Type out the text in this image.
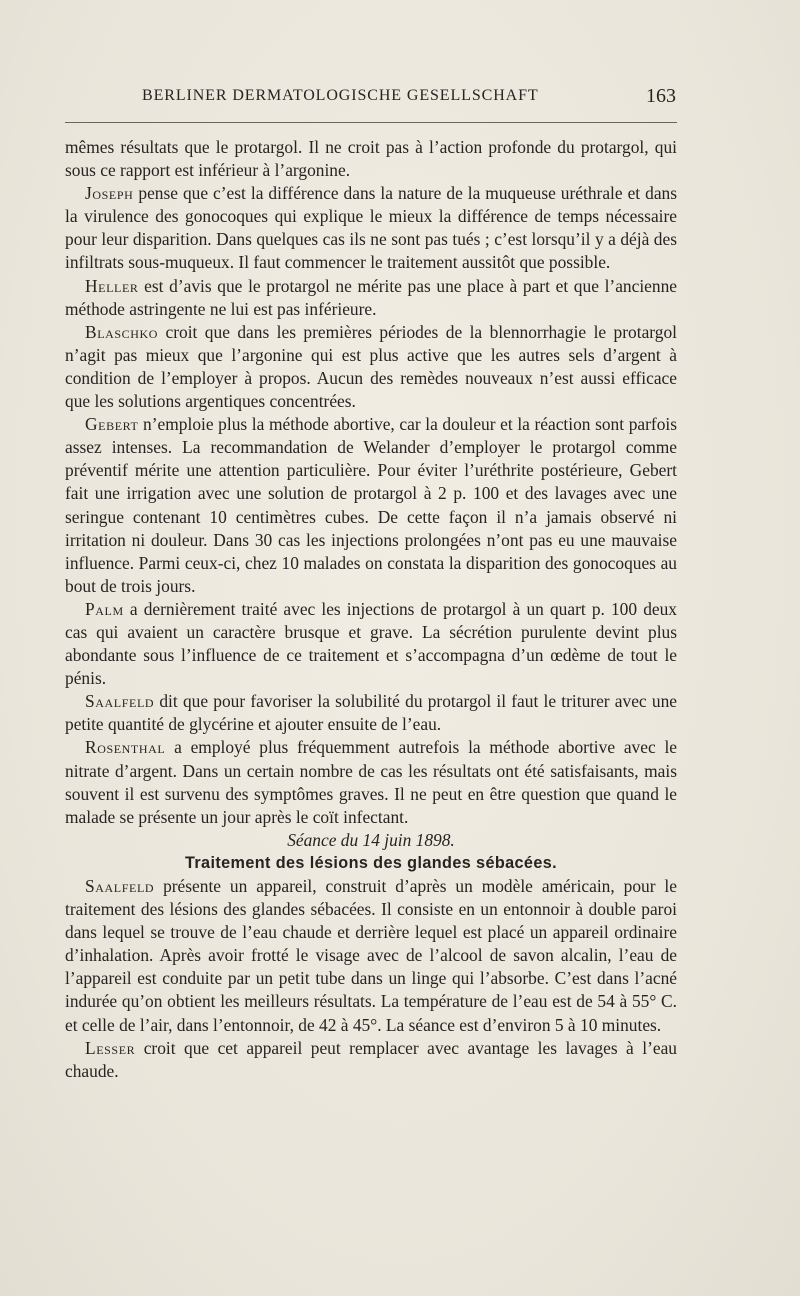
BERLINER DERMATOLOGISCHE GESELLSCHAFT	163

mêmes résultats que le protargol. Il ne croit pas à l’action profonde du protargol, qui sous ce rapport est inférieur à l’argonine.

Joseph pense que c’est la différence dans la nature de la muqueuse uréthrale et dans la virulence des gonocoques qui explique le mieux la différence de temps nécessaire pour leur disparition. Dans quelques cas ils ne sont pas tués ; c’est lorsqu’il y a déjà des infiltrats sous-muqueux. Il faut commencer le traitement aussitôt que possible.

Heller est d’avis que le protargol ne mérite pas une place à part et que l’ancienne méthode astringente ne lui est pas inférieure.

Blaschko croit que dans les premières périodes de la blennorrhagie le protargol n’agit pas mieux que l’argonine qui est plus active que les autres sels d’argent à condition de l’employer à propos. Aucun des remèdes nouveaux n’est aussi efficace que les solutions argentiques concentrées.

Gebert n’emploie plus la méthode abortive, car la douleur et la réaction sont parfois assez intenses. La recommandation de Welander d’employer le protargol comme préventif mérite une attention particulière. Pour éviter l’uréthrite postérieure, Gebert fait une irrigation avec une solution de protargol à 2 p. 100 et des lavages avec une seringue contenant 10 centimètres cubes. De cette façon il n’a jamais observé ni irritation ni douleur. Dans 30 cas les injections prolongées n’ont pas eu une mauvaise influence. Parmi ceux-ci, chez 10 malades on constata la disparition des gonocoques au bout de trois jours.

Palm a dernièrement traité avec les injections de protargol à un quart p. 100 deux cas qui avaient un caractère brusque et grave. La sécrétion purulente devint plus abondante sous l’influence de ce traitement et s’accompagna d’un œdème de tout le pénis.

Saalfeld dit que pour favoriser la solubilité du protargol il faut le triturer avec une petite quantité de glycérine et ajouter ensuite de l’eau.

Rosenthal a employé plus fréquemment autrefois la méthode abortive avec le nitrate d’argent. Dans un certain nombre de cas les résultats ont été satisfaisants, mais souvent il est survenu des symptômes graves. Il ne peut en être question que quand le malade se présente un jour après le coït infectant.

Séance du 14 juin 1898.

Traitement des lésions des glandes sébacées.

Saalfeld présente un appareil, construit d’après un modèle américain, pour le traitement des lésions des glandes sébacées. Il consiste en un entonnoir à double paroi dans lequel se trouve de l’eau chaude et derrière lequel est placé un appareil ordinaire d’inhalation. Après avoir frotté le visage avec de l’alcool de savon alcalin, l’eau de l’appareil est conduite par un petit tube dans un linge qui l’absorbe. C’est dans l’acné indurée qu’on obtient les meilleurs résultats. La température de l’eau est de 54 à 55° C. et celle de l’air, dans l’entonnoir, de 42 à 45°. La séance est d’environ 5 à 10 minutes.

Lesser croit que cet appareil peut remplacer avec avantage les lavages à l’eau chaude.
